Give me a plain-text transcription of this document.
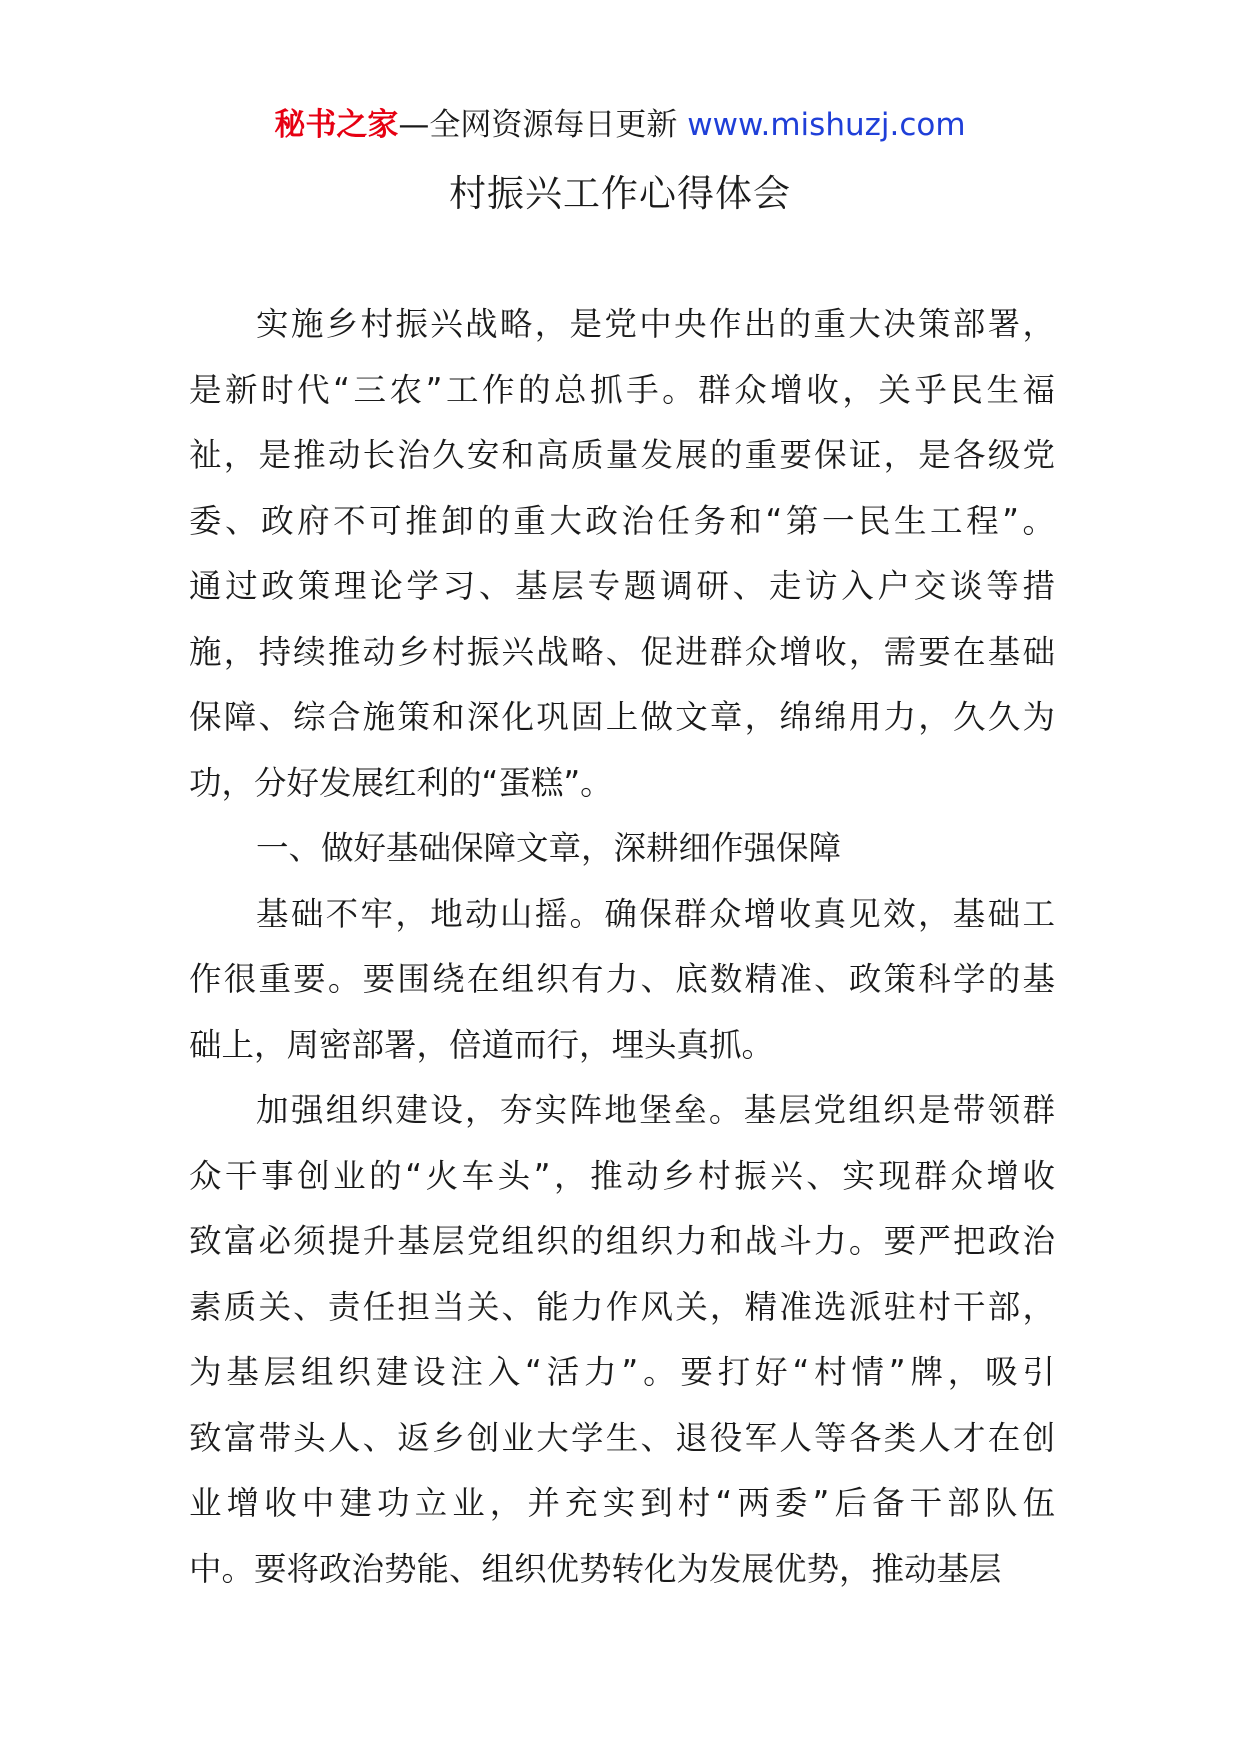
秘书之家—全网资源每日更新 www.mishuzj.com
村振兴工作心得体会
实施乡村振兴战略，是党中央作出的重大决策部署，
是新时代“三农”工作的总抓手。群众增收，关乎民生福
祉，是推动长治久安和高质量发展的重要保证，是各级党
委、政府不可推卸的重大政治任务和“第一民生工程”。
通过政策理论学习、基层专题调研、走访入户交谈等措
施，持续推动乡村振兴战略、促进群众增收，需要在基础
保障、综合施策和深化巩固上做文章，绵绵用力，久久为
功，分好发展红利的“蛋糕”。
一、做好基础保障文章，深耕细作强保障
基础不牢，地动山摇。确保群众增收真见效，基础工
作很重要。要围绕在组织有力、底数精准、政策科学的基
础上，周密部署，倍道而行，埋头真抓。
加强组织建设，夯实阵地堡垒。基层党组织是带领群
众干事创业的“火车头”，推动乡村振兴、实现群众增收
致富必须提升基层党组织的组织力和战斗力。要严把政治
素质关、责任担当关、能力作风关，精准选派驻村干部，
为基层组织建设注入“活力”。要打好“村情”牌，吸引
致富带头人、返乡创业大学生、退役军人等各类人才在创
业增收中建功立业，并充实到村“两委”后备干部队伍
中。要将政治势能、组织优势转化为发展优势，推动基层
